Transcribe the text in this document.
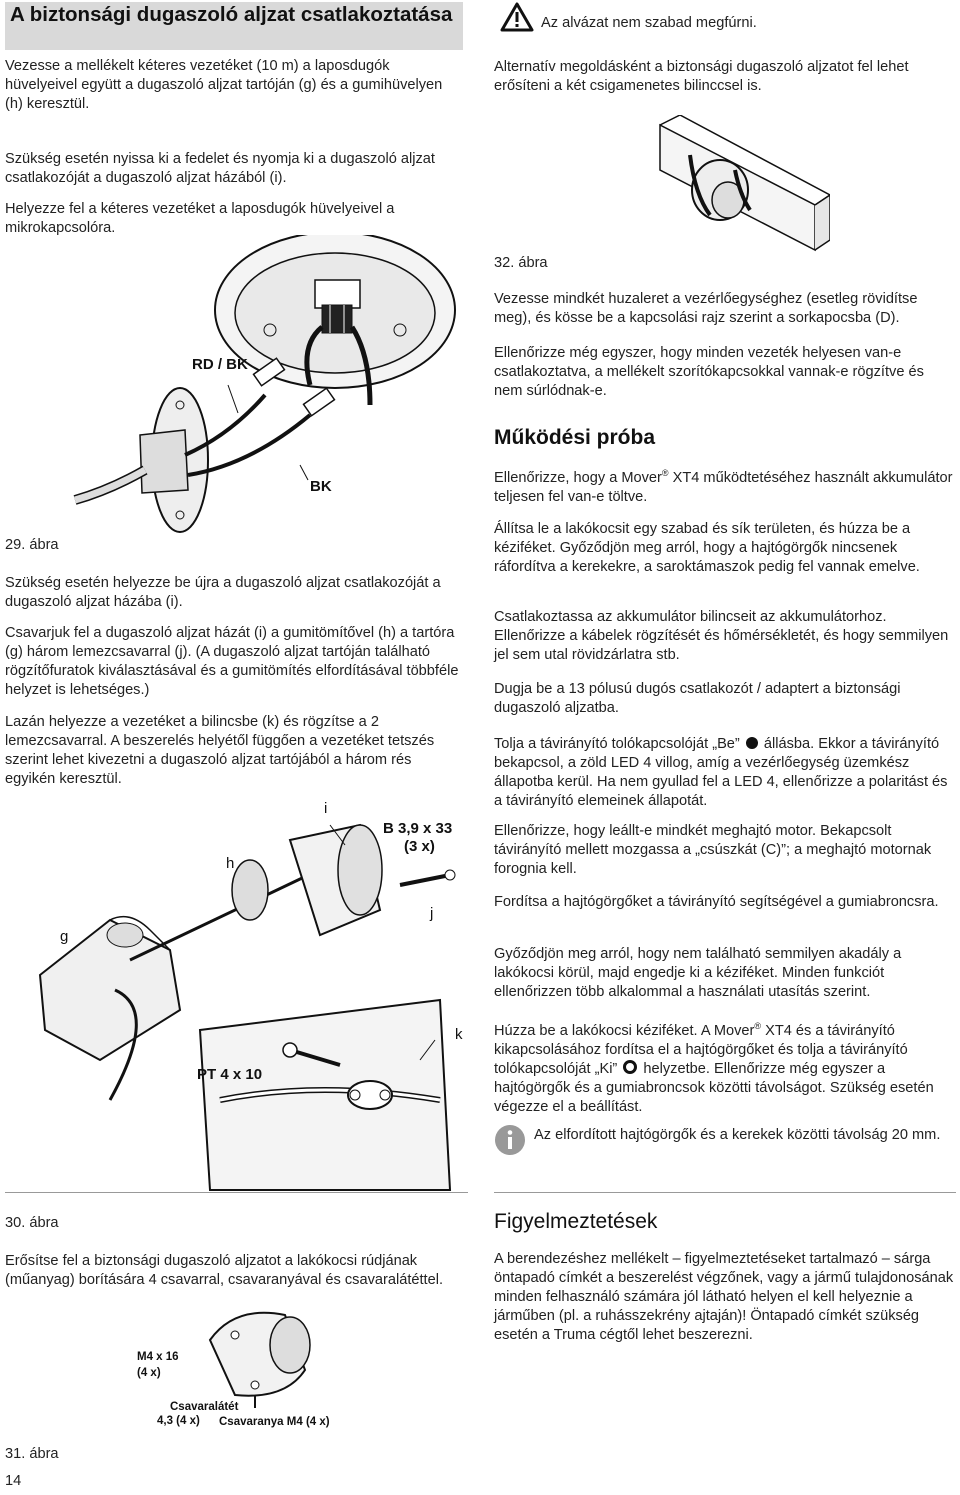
A biztonsági dugaszoló aljzat csatlakoztatása

Vezesse a mellékelt kéteres vezetéket (10 m) a laposdugók hüvelyeivel együtt a dugaszoló aljzat tartóján (g) és a gumihüvelyen (h) keresztül.

Szükség esetén nyissa ki a fedelet és nyomja ki a dugaszoló aljzat csatlakozóját a dugaszoló aljzat házából (i).

Helyezze fel a kéteres vezetéket a laposdugók hüvelyeivel a mikrokapcsolóra.

RD / BK
BK

29. ábra

Szükség esetén helyezze be újra a dugaszoló aljzat csatlakozóját a dugaszoló aljzat házába (i).

Csavarjuk fel a dugaszoló aljzat házát (i) a gumitömítővel (h) a tartóra (g) három lemezcsavarral (j). (A dugaszoló aljzat tartóján található rögzítőfuratok kiválasztásával és a gumitömítés elfordításával többféle helyzet is lehetséges.)

Lazán helyezze a vezetéket a bilincsbe (k) és rögzítse a 2 lemezcsavarral. A beszerelés helyétől függően a vezetéket tetszés szerint lehet kivezetni a dugaszoló aljzat tartójából a három rés egyikén keresztül.

i
B 3,9 x 33
(3 x)
h
j
g
k
PT 4 x 10

30. ábra

Erősítse fel a biztonsági dugaszoló aljzatot a lakókocsi rúdjának (műanyag) borítására 4 csavarral, csavaranyával és csavaralátéttel.

M4 x 16
(4 x)
Csavaralátét
4,3 (4 x) Csavaranya M4 (4 x)

31. ábra

14

Az alvázat nem szabad megfúrni.

Alternatív megoldásként a biztonsági dugaszoló aljzatot fel lehet erősíteni a két csigamenetes bilinccsel is.

32. ábra

Vezesse mindkét huzaleret a vezérlőegységhez (esetleg rövidítse meg), és kösse be a kapcsolási rajz szerint a sorkapocsba (D).

Ellenőrizze még egyszer, hogy minden vezeték helyesen van-e csatlakoztatva, a mellékelt szorítókapcsokkal vannak-e rögzítve és nem súrlódnak-e.

Működési próba

Ellenőrizze, hogy a Mover® XT4 működtetéséhez használt akkumulátor teljesen fel van-e töltve.

Állítsa le a lakókocsit egy szabad és sík területen, és húzza be a kéziféket. Győződjön meg arról, hogy a hajtógörgők nincsenek ráfordítva a kerekekre, a saroktámaszok pedig fel vannak emelve.

Csatlakoztassa az akkumulátor bilincseit az akkumulátorhoz. Ellenőrizze a kábelek rögzítését és hőmérsékletét, és hogy semmilyen jel sem utal rövidzárlatra stb.

Dugja be a 13 pólusú dugós csatlakozót / adaptert a biztonsági dugaszoló aljzatba.

Tolja a távirányító tolókapcsolóját „Be”  állásba. Ekkor a távirányító bekapcsol, a zöld LED 4 villog, amíg a vezérlőegység üzemkész állapotba kerül. Ha nem gyullad fel a LED 4, ellenőrizze a polaritást és a távirányító elemeinek állapotát.

Ellenőrizze, hogy leállt-e mindkét meghajtó motor. Bekapcsolt távirányító mellett mozgassa a „csúszkát (C)”; a meghajtó motornak forognia kell.

Fordítsa a hajtógörgőket a távirányító segítségével a gumiabroncsra.

Győződjön meg arról, hogy nem található semmilyen akadály a lakókocsi körül, majd engedje ki a kéziféket. Minden funkciót ellenőrizzen több alkalommal a használati utasítás szerint.

Húzza be a lakókocsi kéziféket. A Mover® XT4 és a távirányító kikapcsolásához fordítsa el a hajtógörgőket és tolja a távirányító tolókapcsolóját „Ki”  helyzetbe. Ellenőrizze még egyszer a hajtógörgők és a gumiabroncsok közötti távolságot. Szükség esetén végezze el a beállítást.

Az elfordított hajtógörgők és a kerekek közötti távolság 20 mm.

Figyelmeztetések

A berendezéshez mellékelt – figyelmeztetéseket tartalmazó – sárga öntapadó címkét a beszerelést végzőnek, vagy a jármű tulajdonosának minden felhasználó számára jól látható helyen el kell helyeznie a járműben (pl. a ruhásszekrény ajtaján)! Öntapadó címkét szükség esetén a Truma cégtől lehet beszerezni.
